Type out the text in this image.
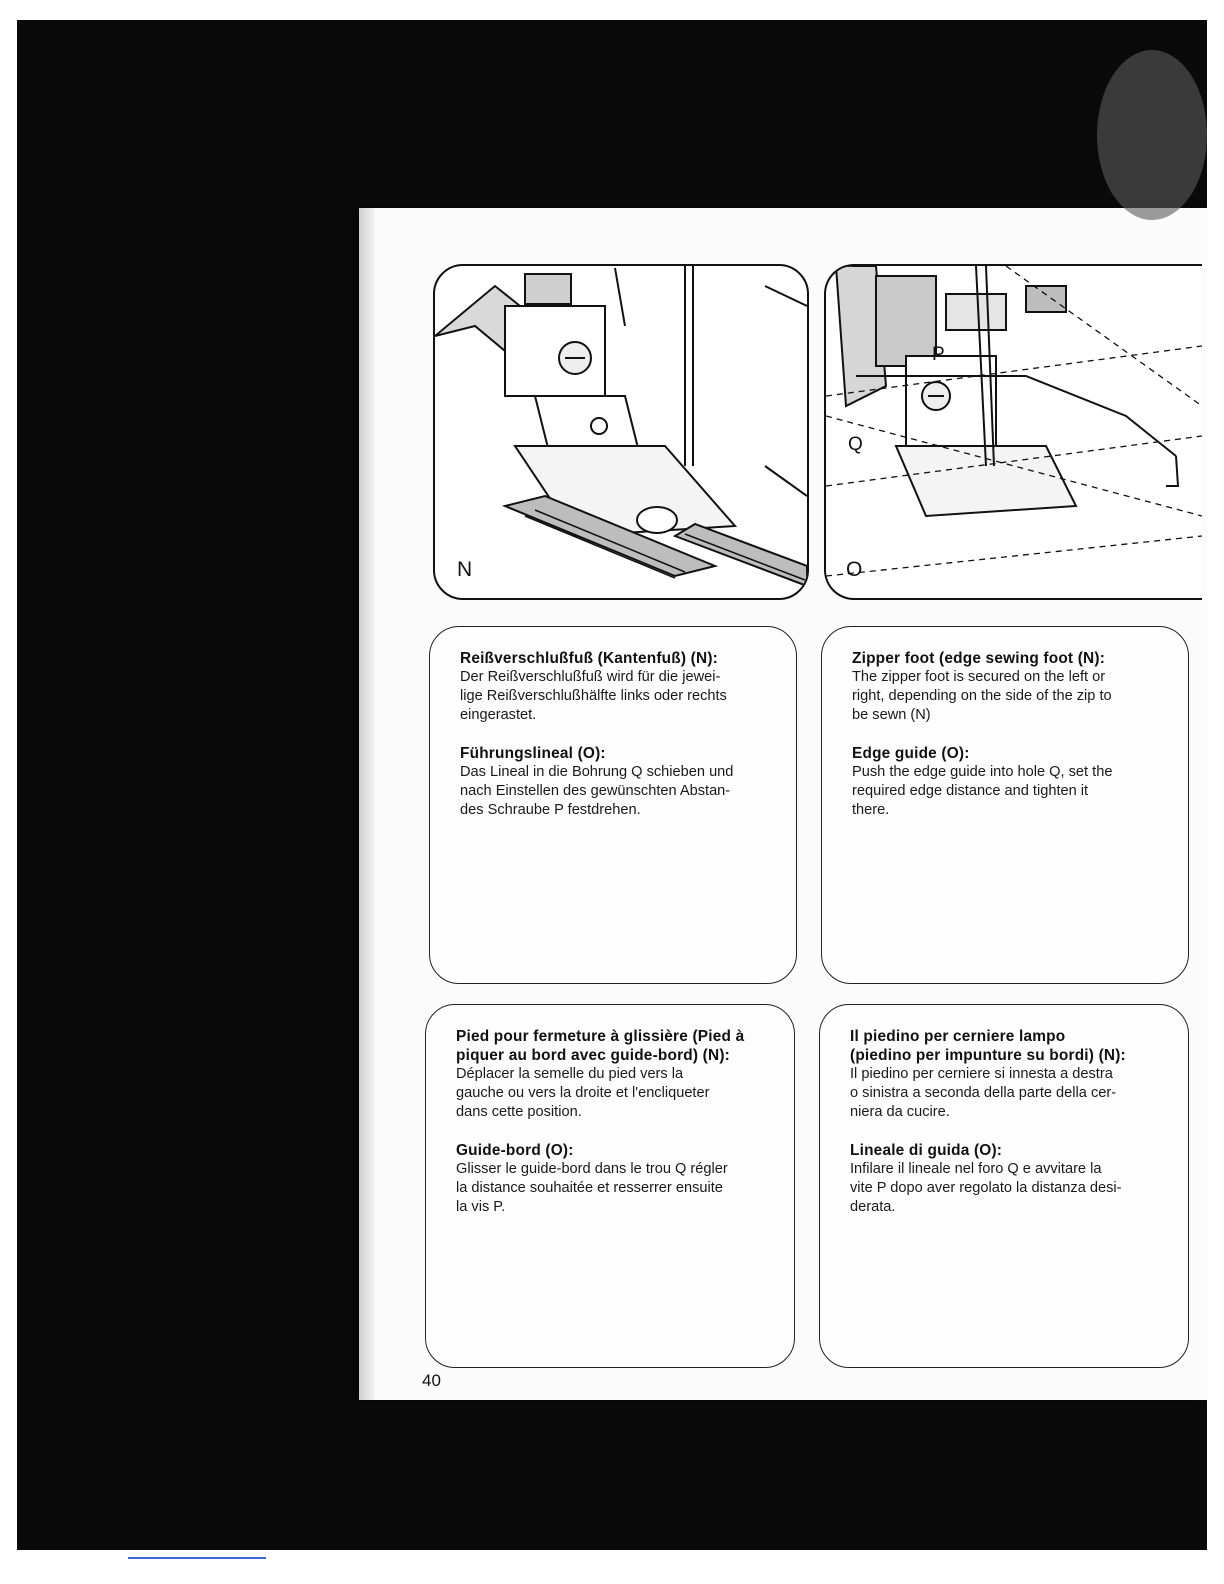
N	O
Q
P

Reißverschlußfuß (Kantenfuß) (N):

Der Reißverschlußfuß wird für die jewei-
lige Reißverschlußhälfte links oder rechts
eingerastet.

Führungslineal (O):

Das Lineal in die Bohrung Q schieben und
nach Einstellen des gewünschten Abstan-
des Schraube P festdrehen.

Zipper foot (edge sewing foot (N):

The zipper foot is secured on the left or
right, depending on the side of the zip to
be sewn (N)

Edge guide (O):

Push the edge guide into hole Q, set the
required edge distance and tighten it
there.

Pied pour fermeture à glissière (Pied à
piquer au bord avec guide-bord) (N):

Déplacer la semelle du pied vers la
gauche ou vers la droite et l'encliqueter
dans cette position.

Guide-bord (O):

Glisser le guide-bord dans le trou Q régler
la distance souhaitée et resserrer ensuite
la vis P.

Il piedino per cerniere lampo
(piedino per impunture su bordi) (N):

Il piedino per cerniere si innesta a destra
o sinistra a seconda della parte della cer-
niera da cucire.

Lineale di guida (O):

Infilare il lineale nel foro Q e avvitare la
vite P dopo aver regolato la distanza desi-
derata.

40
